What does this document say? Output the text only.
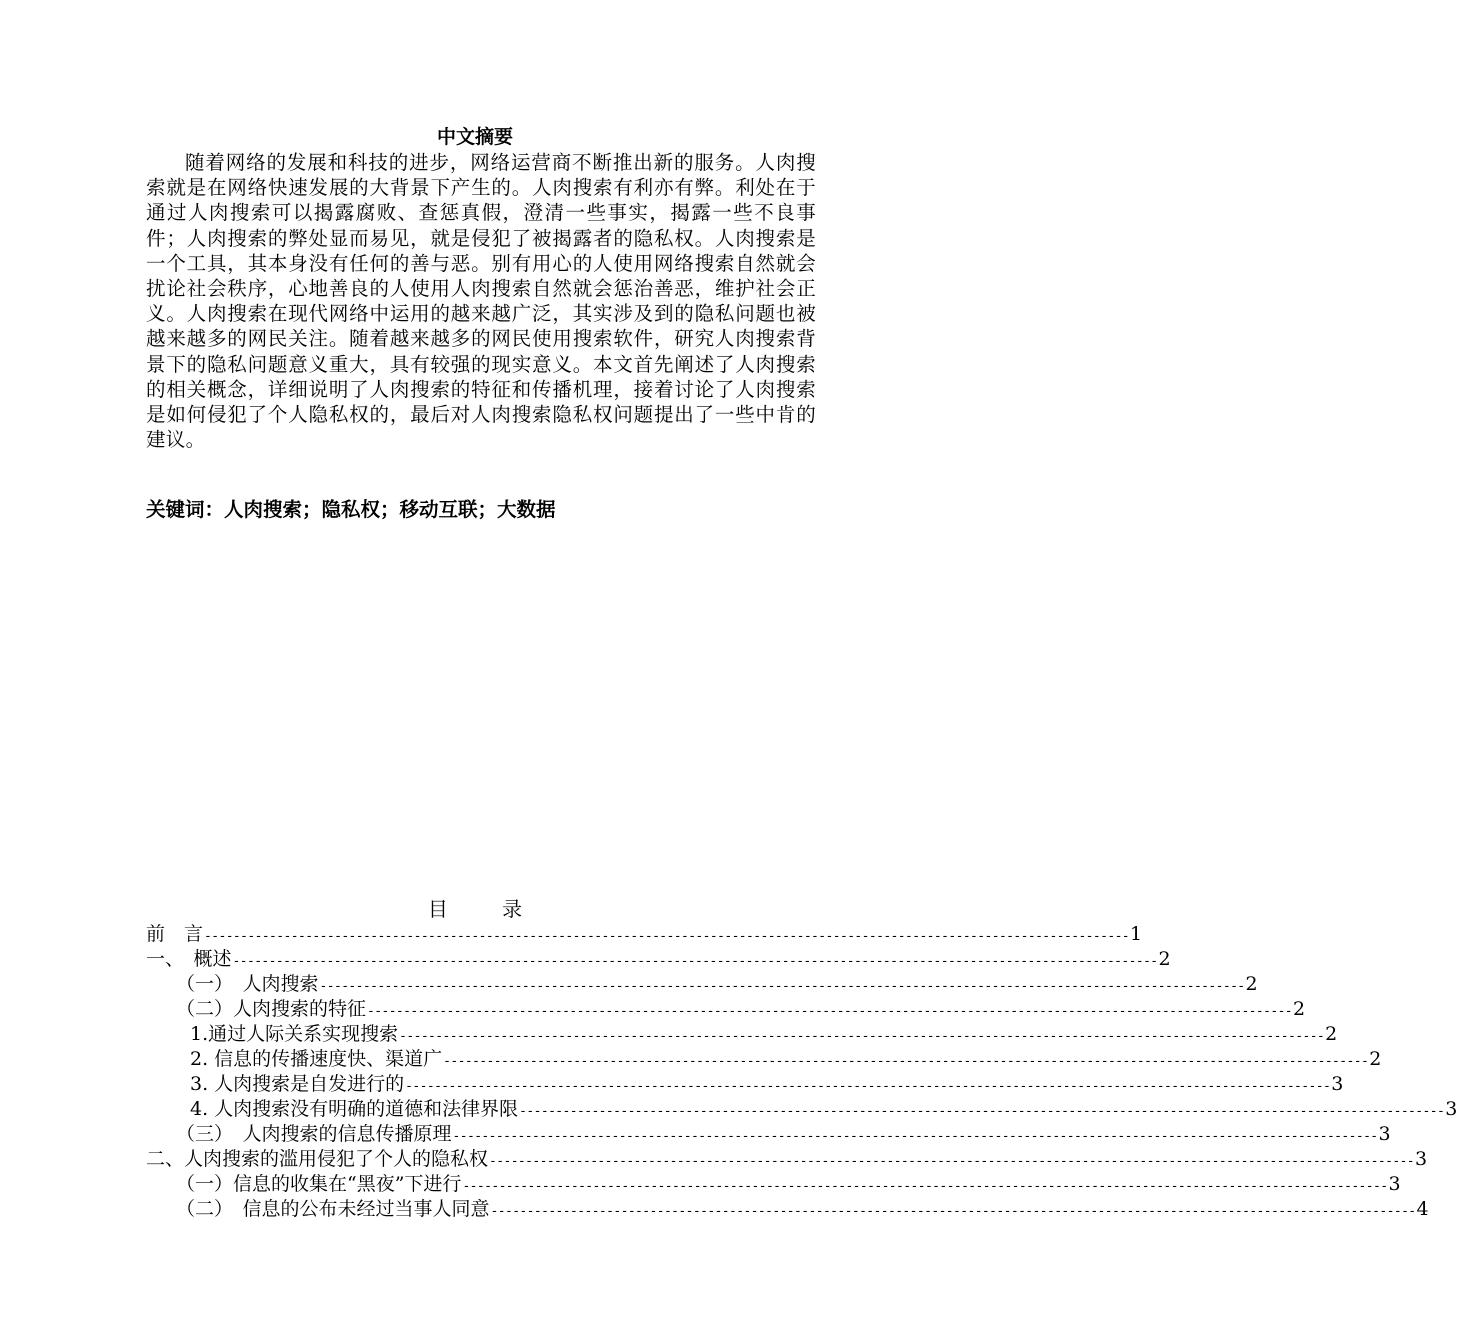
中文摘要

随着网络的发展和科技的进步，网络运营商不断推出新的服务。人肉搜索就是在网络快速发展的大背景下产生的。人肉搜索有利亦有弊。利处在于通过人肉搜索可以揭露腐败、查惩真假，澄清一些事实，揭露一些不良事件；人肉搜索的弊处显而易见，就是侵犯了被揭露者的隐私权。人肉搜索是一个工具，其本身没有任何的善与恶。别有用心的人使用网络搜索自然就会扰论社会秩序，心地善良的人使用人肉搜索自然就会惩治善恶，维护社会正义。人肉搜索在现代网络中运用的越来越广泛，其实涉及到的隐私问题也被越来越多的网民关注。随着越来越多的网民使用搜索软件，研究人肉搜索背景下的隐私问题意义重大，具有较强的现实意义。本文首先阐述了人肉搜索的相关概念，详细说明了人肉搜索的特征和传播机理，接着讨论了人肉搜索是如何侵犯了个人隐私权的，最后对人肉搜索隐私权问题提出了一些中肯的建议。

关键词：人肉搜索；隐私权；移动互联；大数据
目 录
前　言 -------------------------------------------------------------------------------------------------------------------------------- 1
一、　概述 -------------------------------------------------------------------------------------------------------------------------------- 2
（一）　人肉搜索 -------------------------------------------------------------------------------------------------------------------------------- 2
（二）人肉搜索的特征 -------------------------------------------------------------------------------------------------------------------------------- 2
1.通过人际关系实现搜索 -------------------------------------------------------------------------------------------------------------------------------- 2
2. 信息的传播速度快、渠道广 -------------------------------------------------------------------------------------------------------------------------------- 2
3. 人肉搜索是自发进行的 -------------------------------------------------------------------------------------------------------------------------------- 3
4. 人肉搜索没有明确的道德和法律界限 -------------------------------------------------------------------------------------------------------------------------------- 3
（三）　人肉搜索的信息传播原理 -------------------------------------------------------------------------------------------------------------------------------- 3
二、人肉搜索的滥用侵犯了个人的隐私权 -------------------------------------------------------------------------------------------------------------------------------- 3
（一）信息的收集在“黑夜”下进行 -------------------------------------------------------------------------------------------------------------------------------- 3
（二）　信息的公布未经过当事人同意 -------------------------------------------------------------------------------------------------------------------------------- 4
